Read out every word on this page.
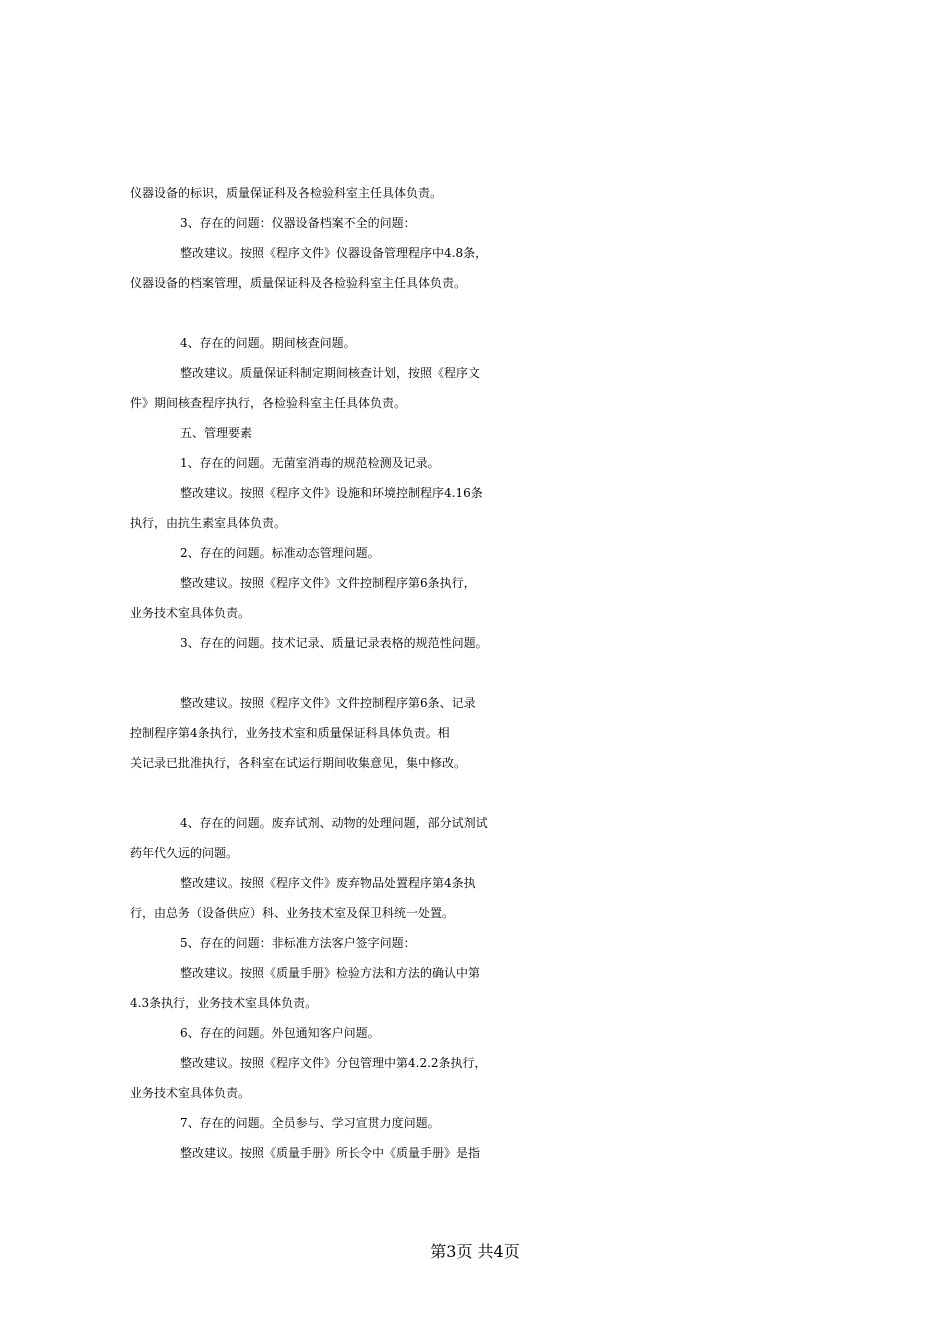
仪器设备的标识，质量保证科及各检验科室主任具体负责。
3、存在的问题：仪器设备档案不全的问题：
整改建议。按照《程序文件》仪器设备管理程序中4.8条，
仪器设备的档案管理，质量保证科及各检验科室主任具体负责。
4、存在的问题。期间核查问题。
整改建议。质量保证科制定期间核查计划，按照《程序文
件》期间核查程序执行，各检验科室主任具体负责。
五、管理要素
1、存在的问题。无菌室消毒的规范检测及记录。
整改建议。按照《程序文件》设施和环境控制程序4.16条
执行，由抗生素室具体负责。
2、存在的问题。标准动态管理问题。
整改建议。按照《程序文件》文件控制程序第6条执行，
业务技术室具体负责。
3、存在的问题。技术记录、质量记录表格的规范性问题。
整改建议。按照《程序文件》文件控制程序第6条、记录
控制程序第4条执行，业务技术室和质量保证科具体负责。相
关记录已批准执行，各科室在试运行期间收集意见，集中修改。
4、存在的问题。废弃试剂、动物的处理问题，部分试剂试
药年代久远的问题。
整改建议。按照《程序文件》废弃物品处置程序第4条执
行，由总务（设备供应）科、业务技术室及保卫科统一处置。
5、存在的问题：非标准方法客户签字问题：
整改建议。按照《质量手册》检验方法和方法的确认中第
4.3条执行，业务技术室具体负责。
6、存在的问题。外包通知客户问题。
整改建议。按照《程序文件》分包管理中第4.2.2条执行，
业务技术室具体负责。
7、存在的问题。全员参与、学习宣贯力度问题。
整改建议。按照《质量手册》所长令中《质量手册》是指
第3页 共4页
